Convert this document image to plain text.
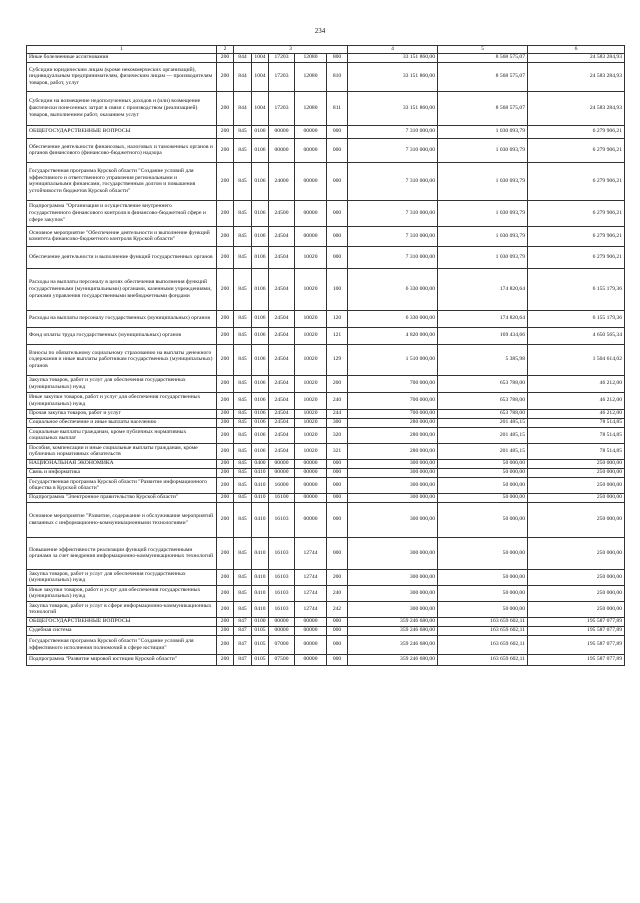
234
1	2	3					4	5	6
Иные болезненные ассигнования	200	844	1004	17203	12080	800	33 151 860,00	8 568 575,07	24 583 284,93
Субсидии юридическим лицам (кроме некоммерческих организаций), индивидуальным предпринимателям, физическим лицам — производителям товаров, работ, услуг	200	844	1004	17203	12080	810	33 151 860,00	8 568 575,07	24 583 284,93
Субсидии на возмещение недополученных доходов и (или) возмещение фактически понесенных затрат в связи с производством (реализацией) товаров, выполнением работ, оказанием услуг	200	844	1004	17203	12080	811	33 151 860,00	8 568 575,07	24 583 284,93
ОБЩЕГОСУДАРСТВЕННЫЕ ВОПРОСЫ	200	845	0100	00000	00000	000	7 310 000,00	1 030 093,79	6 279 906,21
Обеспечение деятельности финансовых, налоговых и таможенных органов и органов финансового (финансово-бюджетного) надзора	200	845	0106	00000	00000	000	7 310 000,00	1 030 093,79	6 279 906,21
Государственная программа Курской области "Создание условий для эффективного и ответственного управления региональными и муниципальными финансами, государственным долгом и повышения устойчивости бюджетов Курской области"	200	845	0106	24000	00000	000	7 310 000,00	1 030 093,79	6 279 906,21
Подпрограмма "Организация и осуществление внутреннего государственного финансового контроля в финансово-бюджетной сфере и сфере закупок"	200	845	0106	24500	00000	000	7 310 000,00	1 030 093,79	6 279 906,21
Основное мероприятие "Обеспечение деятельности и выполнение функций комитета финансово-бюджетного контроля Курской области"	200	845	0106	24504	00000	000	7 310 000,00	1 030 093,79	6 279 906,21
Обеспечение деятельности и выполнение функций государственных органов	200	845	0106	24504	10020	000	7 310 000,00	1 030 093,79	6 279 906,21
Расходы на выплаты персоналу в целях обеспечения выполнения функций государственными (муниципальными) органами, казенными учреждениями, органами управления государственными внебюджетными фондами	200	845	0106	24504	10020	100	6 330 000,00	174 820,64	6 155 179,36
Расходы на выплаты персоналу государственных (муниципальных) органов	200	845	0106	24504	10020	120	6 330 000,00	174 820,64	6 155 179,36
Фонд оплаты труда государственных (муниципальных) органов	200	845	0106	24504	10020	121	4 820 000,00	169 434,66	4 650 565,34
Взносы по обязательному социальному страхованию на выплаты денежного содержания и иные выплаты работникам государственных (муниципальных) органов	200	845	0106	24504	10020	129	1 510 000,00	5 385,98	1 504 614,02
Закупка товаров, работ и услуг для обеспечения государственных (муниципальных) нужд	200	845	0106	24504	10020	200	700 000,00	653 788,00	46 212,00
Иные закупки товаров, работ и услуг для обеспечения государственных (муниципальных) нужд	200	845	0106	24504	10020	240	700 000,00	653 788,00	46 212,00
Прочая закупка товаров, работ и услуг	200	845	0106	24504	10020	244	700 000,00	653 788,00	46 212,00
Социальное обеспечение и иные выплаты населению	200	845	0106	24504	10020	300	280 000,00	201 485,15	78 514,85
Социальные выплаты гражданам, кроме публичных нормативных социальных выплат	200	845	0106	24504	10020	320	280 000,00	201 485,15	78 514,85
Пособия, компенсации и иные социальные выплаты гражданам, кроме публичных нормативных обязательств	200	845	0106	24504	10020	321	280 000,00	201 485,15	78 514,85
НАЦИОНАЛЬНАЯ ЭКОНОМИКА	200	845	0400	00000	00000	000	300 000,00	50 000,00	250 000,00
Связь и информатика	200	845	0410	00000	00000	000	300 000,00	50 000,00	250 000,00
Государственная программа Курской области "Развитие информационного общества в Курской области"	200	845	0410	16000	00000	000	300 000,00	50 000,00	250 000,00
Подпрограмма "Электронное правительство Курской области"	200	845	0410	16100	00000	000	300 000,00	50 000,00	250 000,00
Основное мероприятие "Развитие, содержание и обслуживание мероприятий связанных с информационно-коммуникационными технологиями"	200	845	0410	16103	00000	000	300 000,00	50 000,00	250 000,00
Повышение эффективности реализации функций государственными органами за счет внедрения информационно-коммуникационных технологий	200	845	0410	16103	12744	000	300 000,00	50 000,00	250 000,00
Закупка товаров, работ и услуг для обеспечения государственных (муниципальных) нужд	200	845	0410	16103	12744	200	300 000,00	50 000,00	250 000,00
Иные закупки товаров, работ и услуг для обеспечения государственных (муниципальных) нужд	200	845	0410	16103	12744	240	300 000,00	50 000,00	250 000,00
Закупка товаров, работ и услуг в сфере информационно-коммуникационных технологий	200	845	0410	16103	12744	242	300 000,00	50 000,00	250 000,00
ОБЩЕГОСУДАРСТВЕННЫЕ ВОПРОСЫ	200	847	0100	00000	00000	000	359 246 680,00	163 659 602,11	195 587 077,89
Судебная система	200	847	0105	00000	00000	000	359 246 680,00	163 659 602,11	195 587 077,89
Государственная программа Курской области "Создание условий для эффективного исполнения полномочий в сфере юстиции"	200	847	0105	07000	00000	000	359 246 680,00	163 659 602,11	195 587 077,89
Подпрограмма "Развитие мировой юстиции Курской области"	200	847	0105	07500	00000	000	359 246 680,00	163 659 602,11	195 587 077,89
